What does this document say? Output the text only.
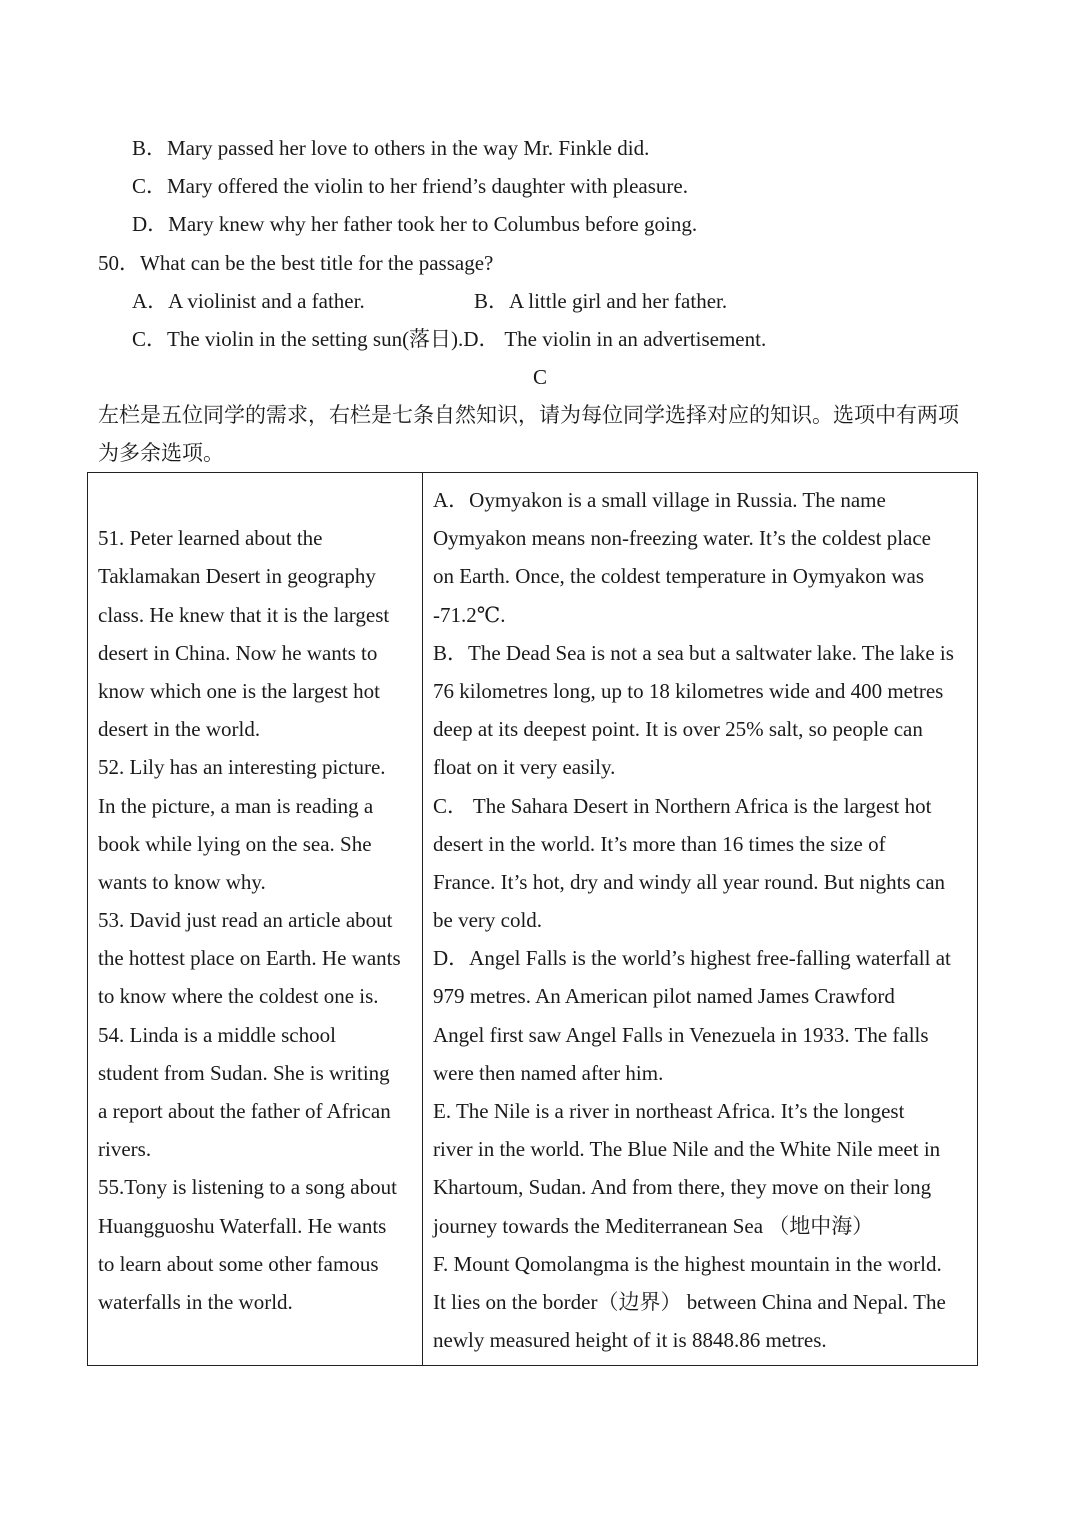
B．Mary passed her love to others in the way Mr. Finkle did.
C．Mary offered the violin to her friend’s daughter with pleasure.
D．Mary knew why her father took her to Columbus before going.
50．What can be the best title for the passage?
A．A violinist and a father.	B．A little girl and her father.
C．The violin in the setting sun(落日).D． The violin in an advertisement.
C
左栏是五位同学的需求，右栏是七条自然知识，请为每位同学选择对应的知识。选项中有两项
为多余选项。
51. Peter learned about the
Taklamakan Desert in geography
class. He knew that it is the largest
desert in China. Now he wants to
know which one is the largest hot
desert in the world.
52. Lily has an interesting picture.
In the picture, a man is reading a
book while lying on the sea. She
wants to know why.
53. David just read an article about
the hottest place on Earth. He wants
to know where the coldest one is.
54. Linda is a middle school
student from Sudan. She is writing
a report about the father of African
rivers.
55.Tony is listening to a song about
Huangguoshu Waterfall. He wants
to learn about some other famous
waterfalls in the world.
A．Oymyakon is a small village in Russia. The name
Oymyakon means non-freezing water. It’s the coldest place
on Earth. Once, the coldest temperature in Oymyakon was
-71.2℃.
B．The Dead Sea is not a sea but a saltwater lake. The lake is
76 kilometres long, up to 18 kilometres wide and 400 metres
deep at its deepest point. It is over 25% salt, so people can
float on it very easily.
C． The Sahara Desert in Northern Africa is the largest hot
desert in the world. It’s more than 16 times the size of
France. It’s hot, dry and windy all year round. But nights can
be very cold.
D．Angel Falls is the world’s highest free-falling waterfall at
979 metres. An American pilot named James Crawford
Angel first saw Angel Falls in Venezuela in 1933. The falls
were then named after him.
E. The Nile is a river in northeast Africa. It’s the longest
river in the world. The Blue Nile and the White Nile meet in
Khartoum, Sudan. And from there, they move on their long
journey towards the Mediterranean Sea （地中海）
F. Mount Qomolangma is the highest mountain in the world.
It lies on the border（边界） between China and Nepal. The
newly measured height of it is 8848.86 metres.
